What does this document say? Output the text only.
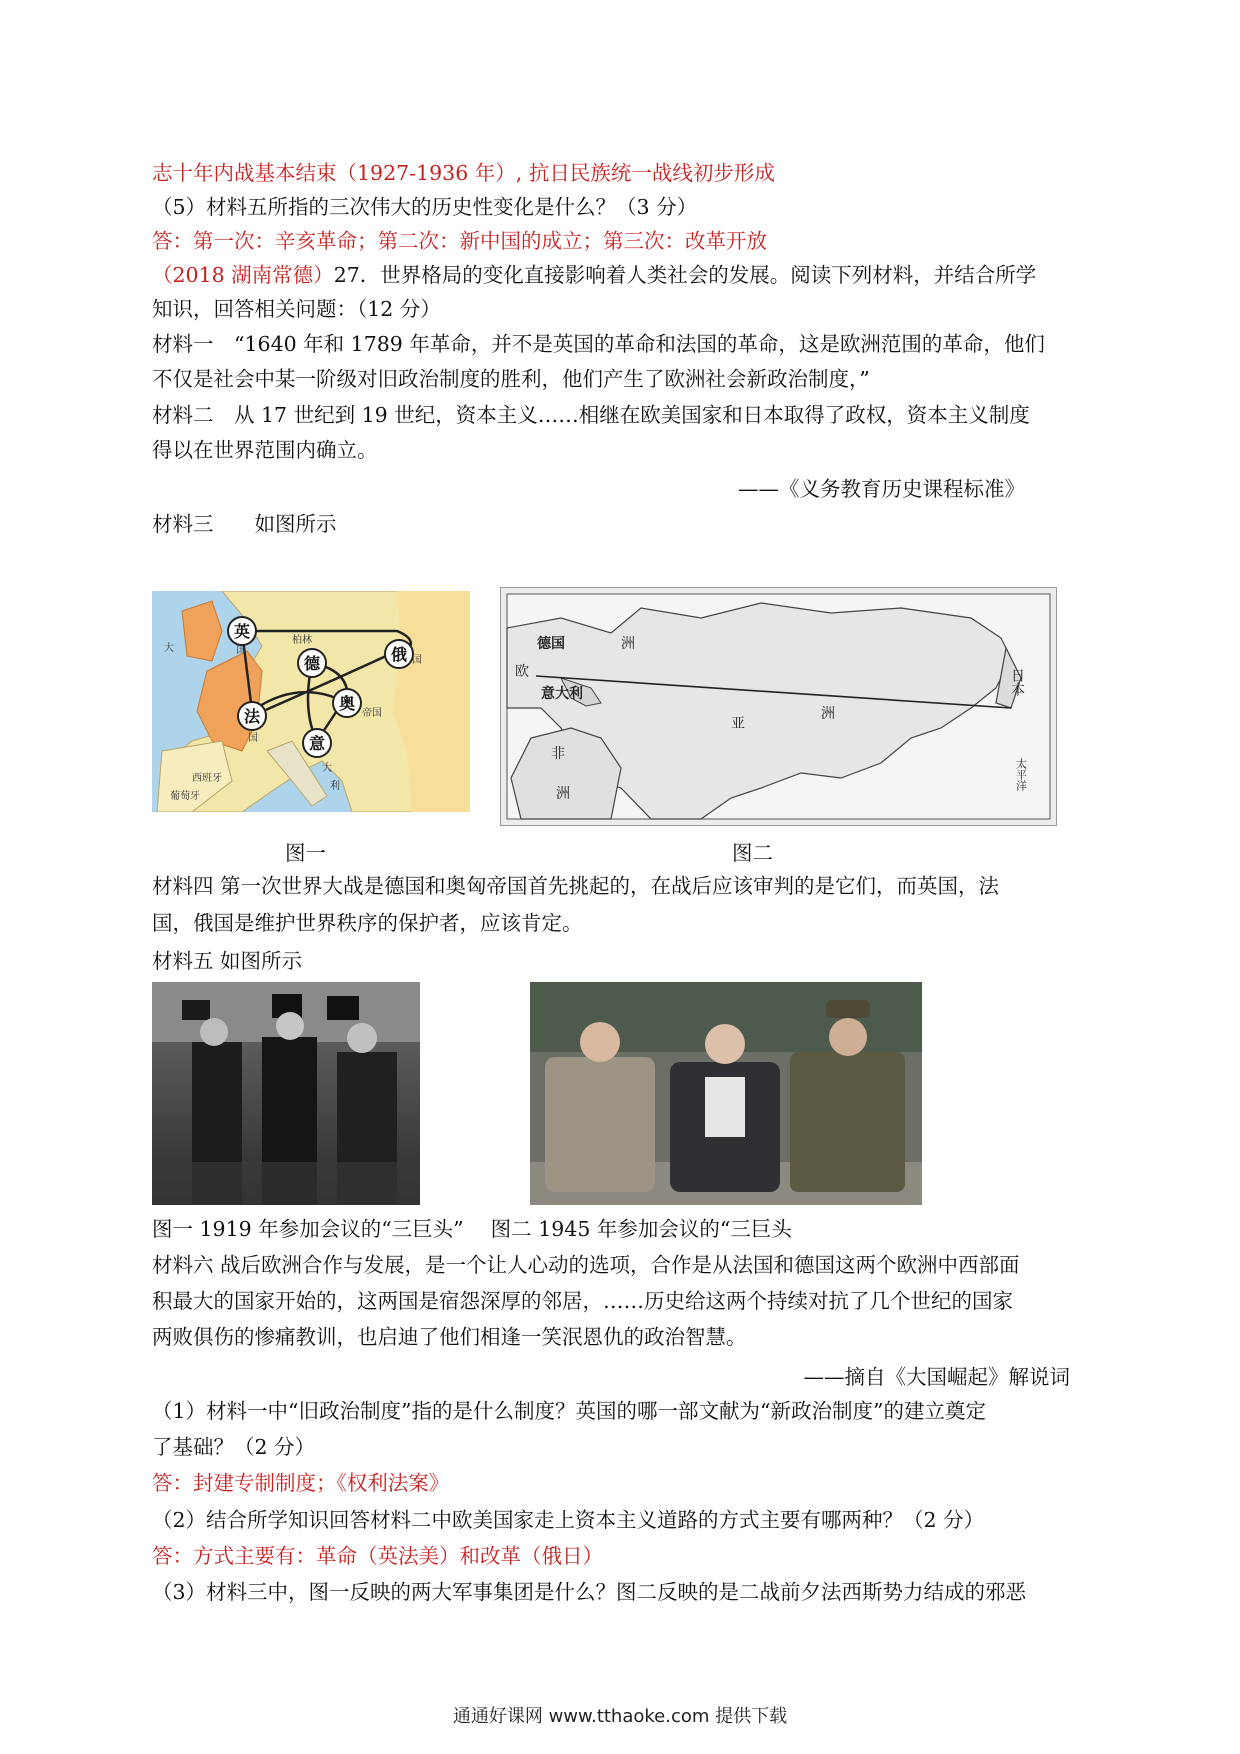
志十年内战基本结束（1927-1936 年）, 抗日民族统一战线初步形成
（5）材料五所指的三次伟大的历史性变化是什么？（3 分）
答：第一次：辛亥革命；第二次：新中国的成立；第三次：改革开放
（2018 湖南常德）27．世界格局的变化直接影响着人类社会的发展。阅读下列材料，并结合所学
知识，回答相关问题：（12 分）
材料一　“1640 年和 1789 年革命，并不是英国的革命和法国的革命，这是欧洲范围的革命，他们
不仅是社会中某一阶级对旧政治制度的胜利，他们产生了欧洲社会新政治制度，”
材料二　从 17 世纪到 19 世纪，资本主义……相继在欧美国家和日本取得了政权，资本主义制度
得以在世界范围内确立。
——《义务教育历史课程标准》
材料三　　如图所示
英
俄
德
法
奥
意
大
国
国
国
帝国
西班牙
葡萄牙
大
利
柏林	德国
欧
洲
意大利
亚
洲
非
洲
日本
太平洋
图一	图二
材料四 第一次世界大战是德国和奥匈帝国首先挑起的，在战后应该审判的是它们，而英国，法
国，俄国是维护世界秩序的保护者，应该肯定。
材料五 如图所示
图一 1919 年参加会议的“三巨头”　 图二 1945 年参加会议的“三巨头
材料六 战后欧洲合作与发展，是一个让人心动的选项，合作是从法国和德国这两个欧洲中西部面
积最大的国家开始的，这两国是宿怨深厚的邻居，……历史给这两个持续对抗了几个世纪的国家
两败俱伤的惨痛教训，也启迪了他们相逢一笑泯恩仇的政治智慧。
——摘自《大国崛起》解说词
（1）材料一中“旧政治制度”指的是什么制度？英国的哪一部文献为“新政治制度”的建立奠定
了基础？（2 分）
答：封建专制制度；《权利法案》
（2）结合所学知识回答材料二中欧美国家走上资本主义道路的方式主要有哪两种？（2 分）
答：方式主要有：革命（英法美）和改革（俄日）
（3）材料三中，图一反映的两大军事集团是什么？图二反映的是二战前夕法西斯势力结成的邪恶
通通好课网 www.tthaoke.com 提供下载
